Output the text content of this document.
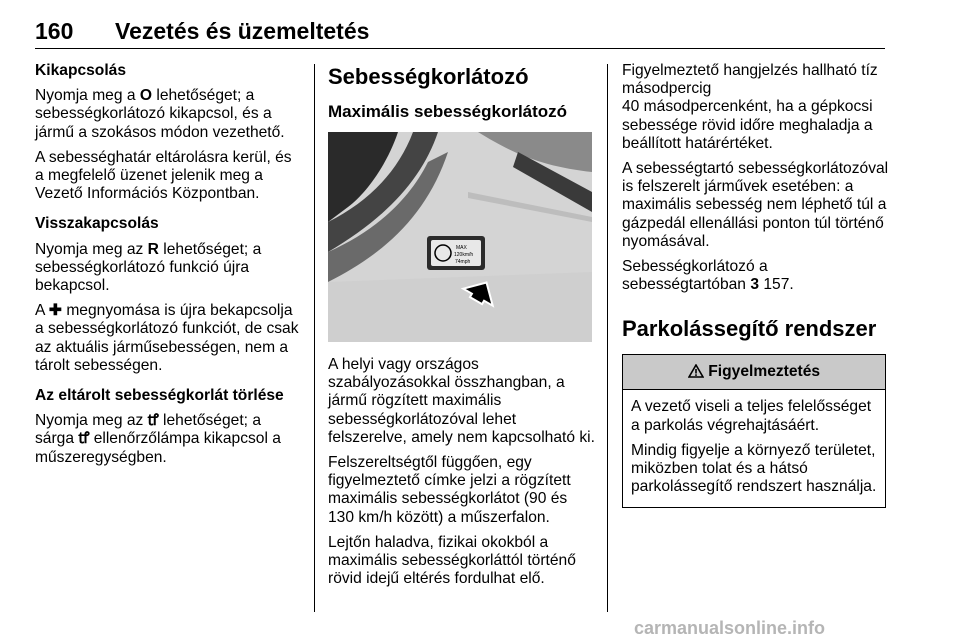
160 Vezetés és üzemeltetés

Kikapcsolás

Nyomja meg a O lehetőséget; a sebességkorlátozó kikapcsol, és a jármű a szokásos módon vezethető.

A sebességhatár eltárolásra kerül, és a megfelelő üzenet jelenik meg a Vezető Információs Központban.

Visszakapcsolás

Nyomja meg az R lehetőséget; a sebességkorlátozó funkció újra bekapcsol.

A ✚ megnyomása is újra bekapcsolja a sebességkorlátozó funkciót, de csak az aktuális járműsebességen, nem a tárolt sebességen.

Az eltárolt sebességkorlát törlése

Nyomja meg az ꝷ lehetőséget; a sárga ꝷ ellenőrzőlámpa kikapcsol a műszeregységben.

Sebességkorlátozó
Maximális sebességkorlátozó
MAX
120km/h
74mph

A helyi vagy országos szabályozásokkal összhangban, a jármű rögzített maximális sebességkorlátozóval lehet felszerelve, amely nem kapcsolható ki.

Felszereltségtől függően, egy figyelmeztető címke jelzi a rögzített maximális sebességkorlátot (90 és 130 km/h között) a műszerfalon.

Lejtőn haladva, fizikai okokból a maximális sebességkorláttól történő rövid idejű eltérés fordulhat elő.

Figyelmeztető hangjelzés hallható tíz másodpercig

40 másodpercenként, ha a gépkocsi sebessége rövid időre meghaladja a beállított határértéket.

A sebességtartó sebességkorlátozóval is felszerelt járművek esetében: a maximális sebesség nem léphető túl a gázpedál ellenállási ponton túl történő nyomásával.

Sebességkorlátozó a sebességtartóban 3 157.

Parkolássegítő rendszer
Figyelmeztetés

A vezető viseli a teljes felelősséget a parkolás végrehajtásáért.

Mindig figyelje a környező területet, miközben tolat és a hátsó parkolássegítő rendszert használja.

carmanualsonline.info
